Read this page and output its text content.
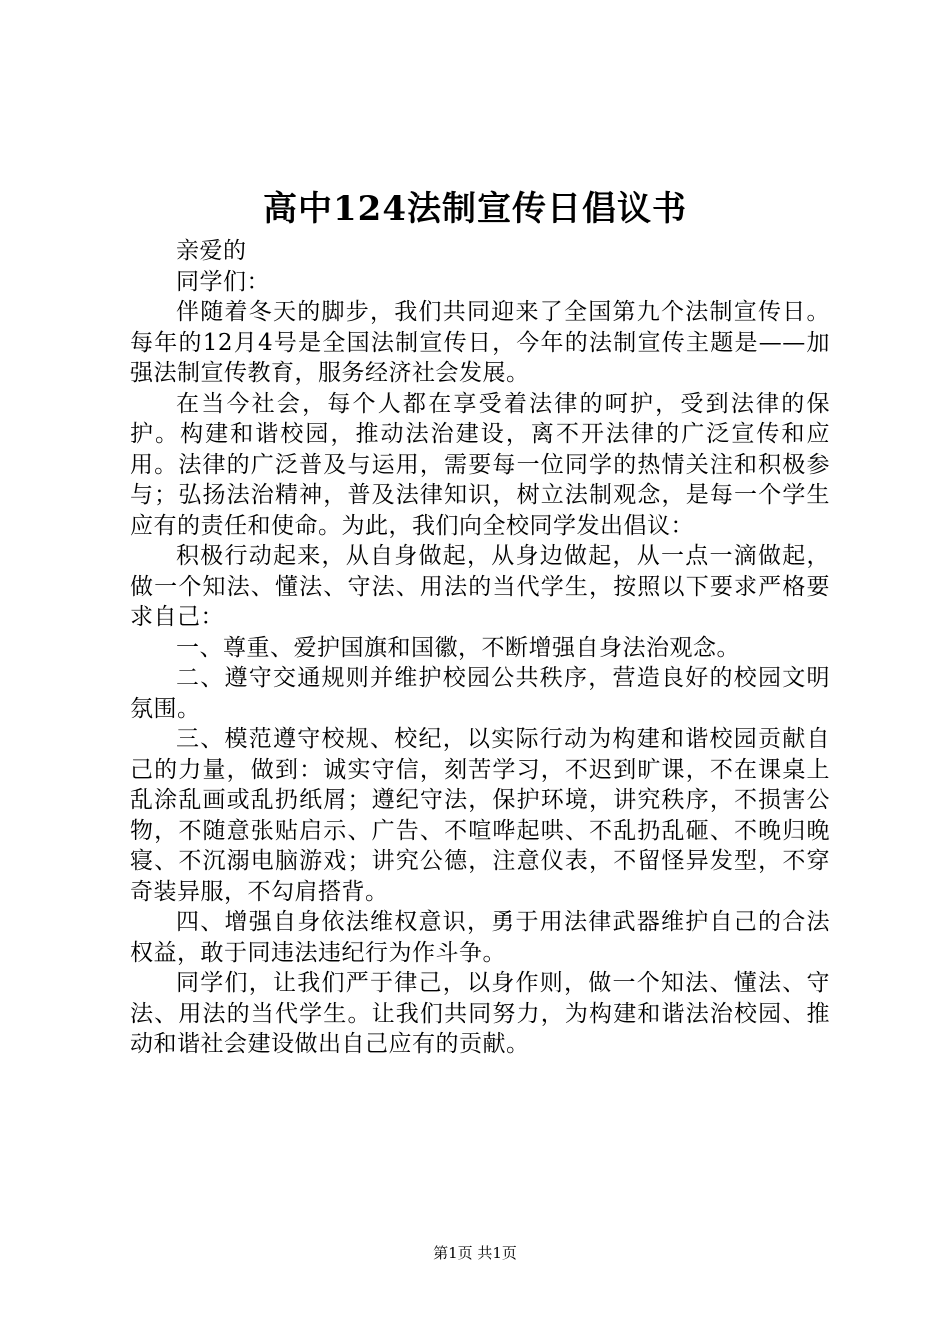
高中124法制宣传日倡议书

亲爱的

同学们：

伴随着冬天的脚步，我们共同迎来了全国第九个法制宣传日。每年的12月4号是全国法制宣传日，今年的法制宣传主题是——加强法制宣传教育，服务经济社会发展。

在当今社会，每个人都在享受着法律的呵护，受到法律的保护。构建和谐校园，推动法治建设，离不开法律的广泛宣传和应用。法律的广泛普及与运用，需要每一位同学的热情关注和积极参与；弘扬法治精神，普及法律知识，树立法制观念，是每一个学生应有的责任和使命。为此，我们向全校同学发出倡议：

积极行动起来，从自身做起，从身边做起，从一点一滴做起，做一个知法、懂法、守法、用法的当代学生，按照以下要求严格要求自己：

一、尊重、爱护国旗和国徽，不断增强自身法治观念。

二、遵守交通规则并维护校园公共秩序，营造良好的校园文明氛围。

三、模范遵守校规、校纪，以实际行动为构建和谐校园贡献自己的力量，做到：诚实守信，刻苦学习，不迟到旷课，不在课桌上乱涂乱画或乱扔纸屑；遵纪守法，保护环境，讲究秩序，不损害公物，不随意张贴启示、广告、不喧哗起哄、不乱扔乱砸、不晚归晚寝、不沉溺电脑游戏；讲究公德，注意仪表，不留怪异发型，不穿奇装异服，不勾肩搭背。

四、增强自身依法维权意识，勇于用法律武器维护自己的合法权益，敢于同违法违纪行为作斗争。

同学们，让我们严于律己，以身作则，做一个知法、懂法、守法、用法的当代学生。让我们共同努力，为构建和谐法治校园、推动和谐社会建设做出自己应有的贡献。

第1页 共1页
